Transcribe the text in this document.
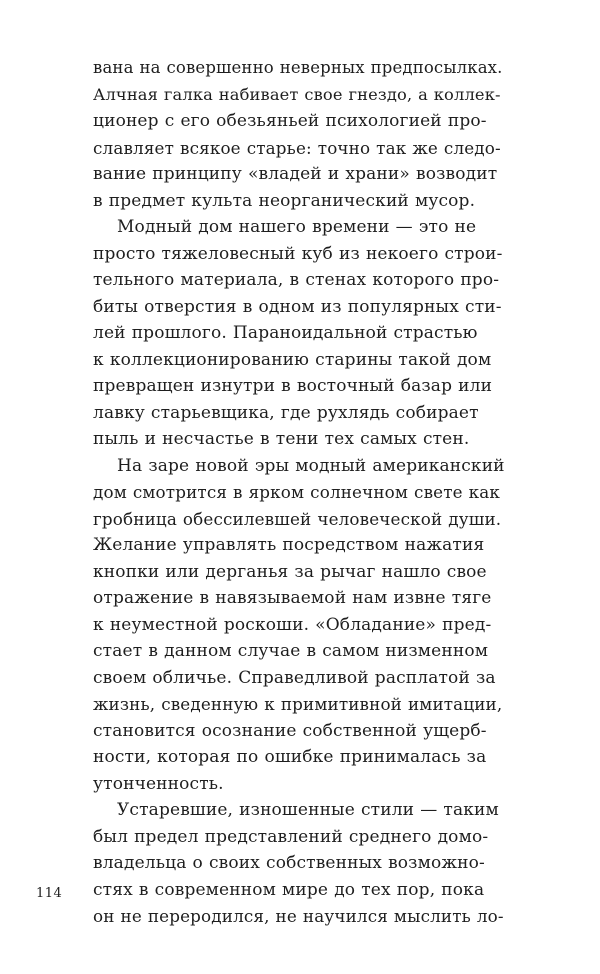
вана на совершенно неверных предпосылках.
Алчная галка набивает свое гнездо, а коллек-
ционер с его обезьяньей психологией про-
славляет всякое старье: точно так же следо-
вание принципу «владей и храни» возводит
в предмет культа неорганический мусор.
Модный дом нашего времени — это не
просто тяжеловесный куб из некоего строи-
тельного материала, в стенах которого про-
биты отверстия в одном из популярных сти-
лей прошлого. Параноидальной страстью
к коллекционированию старины такой дом
превращен изнутри в восточный базар или
лавку старьевщика, где рухлядь собирает
пыль и несчастье в тени тех самых стен.
На заре новой эры модный американский
дом смотрится в ярком солнечном свете как
гробница обессилевшей человеческой души.
Желание управлять посредством нажатия
кнопки или дерганья за рычаг нашло свое
отражение в навязываемой нам извне тяге
к неуместной роскоши. «Обладание» пред-
стает в данном случае в самом низменном
своем обличье. Справедливой расплатой за
жизнь, сведенную к примитивной имитации,
становится осознание собственной ущерб-
ности, которая по ошибке принималась за
утонченность.
Устаревшие, изношенные стили — таким
был предел представлений среднего домо-
владельца о своих собственных возможно-
стях в современном мире до тех пор, пока
он не переродился, не научился мыслить ло-
114
